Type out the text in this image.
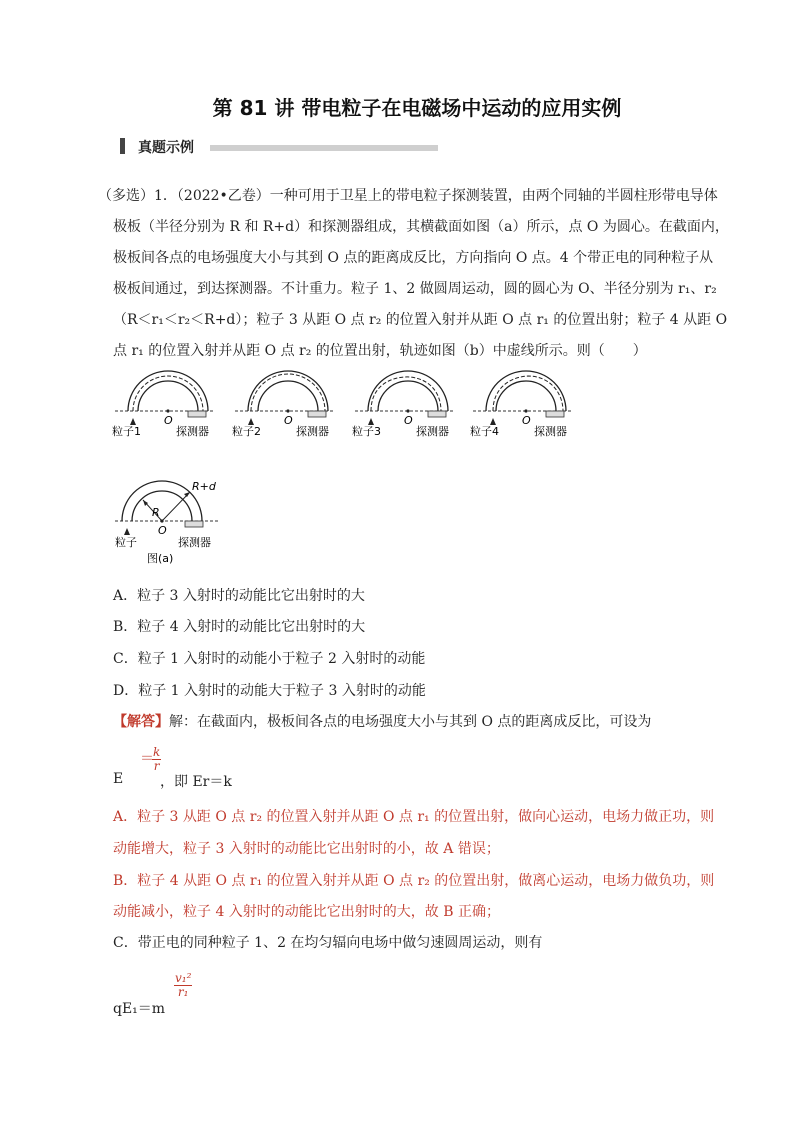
第 81 讲 带电粒子在电磁场中运动的应用实例
真题示例
（多选）1．（2022•乙卷）一种可用于卫星上的带电粒子探测装置，由两个同轴的半圆柱形带电导体
极板（半径分别为 R 和 R+d）和探测器组成，其横截面如图（a）所示，点 O 为圆心。在截面内，
极板间各点的电场强度大小与其到 O 点的距离成反比，方向指向 O 点。4 个带正电的同种粒子从
极板间通过，到达探测器。不计重力。粒子 1、2 做圆周运动，圆的圆心为 O、半径分别为 r₁、r₂
（R＜r₁＜r₂＜R+d）；粒子 3 从距 O 点 r₂ 的位置入射并从距 O 点 r₁ 的位置出射；粒子 4 从距 O
点 r₁ 的位置入射并从距 O 点 r₂ 的位置出射，轨迹如图（b）中虚线所示。则（　　）
O
粒子1	探测器
O
粒子2	探测器
O
粒子3	探测器
O
粒子4	探测器
R
R+d
O
粒子	探测器
图(a)
A．粒子 3 入射时的动能比它出射时的大
B．粒子 4 入射时的动能比它出射时的大
C．粒子 1 入射时的动能小于粒子 2 入射时的动能
D．粒子 1 入射时的动能大于粒子 3 入射时的动能
【解答】解：在截面内，极板间各点的电场强度大小与其到 O 点的距离成反比，可设为
E
＝
$\frac{k}{r}$
，即 Er＝k
A．粒子 3 从距 O 点 r₂ 的位置入射并从距 O 点 r₁ 的位置出射，做向心运动，电场力做正功，则
动能增大，粒子 3 入射时的动能比它出射时的小，故 A 错误；
B．粒子 4 从距 O 点 r₁ 的位置入射并从距 O 点 r₂ 的位置出射，做离心运动，电场力做负功，则
动能减小，粒子 4 入射时的动能比它出射时的大，故 B 正确；
C．带正电的同种粒子 1、2 在均匀辐向电场中做匀速圆周运动，则有
qE₁＝m
$\frac{\text{v₁²}}{\text{r₁}}$
